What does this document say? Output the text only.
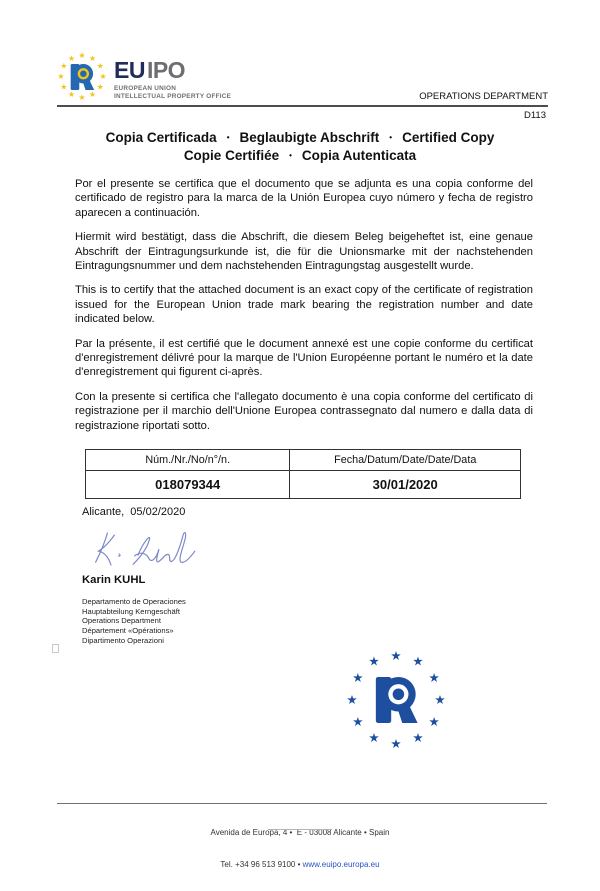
★ ★
★
★
★
★
★
★
★
★
★
★ EUIPO
EUROPEAN UNION
INTELLECTUAL PROPERTY OFFICE	OPERATIONS DEPARTMENT
D113
Copia Certificada • Beglaubigte Abschrift • Certified Copy
Copie Certifiée • Copia Autenticata

Por el presente se certifica que el documento que se adjunta es una copia conforme del certificado de registro para la marca de la Unión Europea cuyo número y fecha de registro aparecen a continuación.

Hiermit wird bestätigt, dass die Abschrift, die diesem Beleg beigeheftet ist, eine genaue Abschrift der Eintragungsurkunde ist, die für die Unionsmarke mit der nachstehenden Eintragungsnummer und dem nachstehenden Eintragungstag ausgestellt wurde.

This is to certify that the attached document is an exact copy of the certificate of registration issued for the European Union trade mark bearing the registration number and date indicated below.

Par la présente, il est certifié que le document annexé est une copie conforme du certificat d'enregistrement délivré pour la marque de l'Union Européenne portant le numéro et la date d'enregistrement qui figurent ci-après.

Con la presente si certifica che l'allegato documento è una copia conforme del certificato di registrazione per il marchio dell'Unione Europea contrassegnato dal numero e dalla data di registrazione riportati sotto.

Núm./Nr./No/n°/n.	Fecha/Datum/Date/Date/Data
018079344	30/01/2020
Alicante,  05/02/2020
Karin KUHL
Departamento de Operaciones
Hauptabteilung Kerngeschäft
Operations Department
Département «Opérations»
Dipartimento Operazioni
★ ★
★
★
★
★
★
★
★
★
★
★

Avenida de Europa, 4 •  E - 03008 Alicante • Spain

Tel. +34 96 513 9100 • www.euipo.europa.eu
